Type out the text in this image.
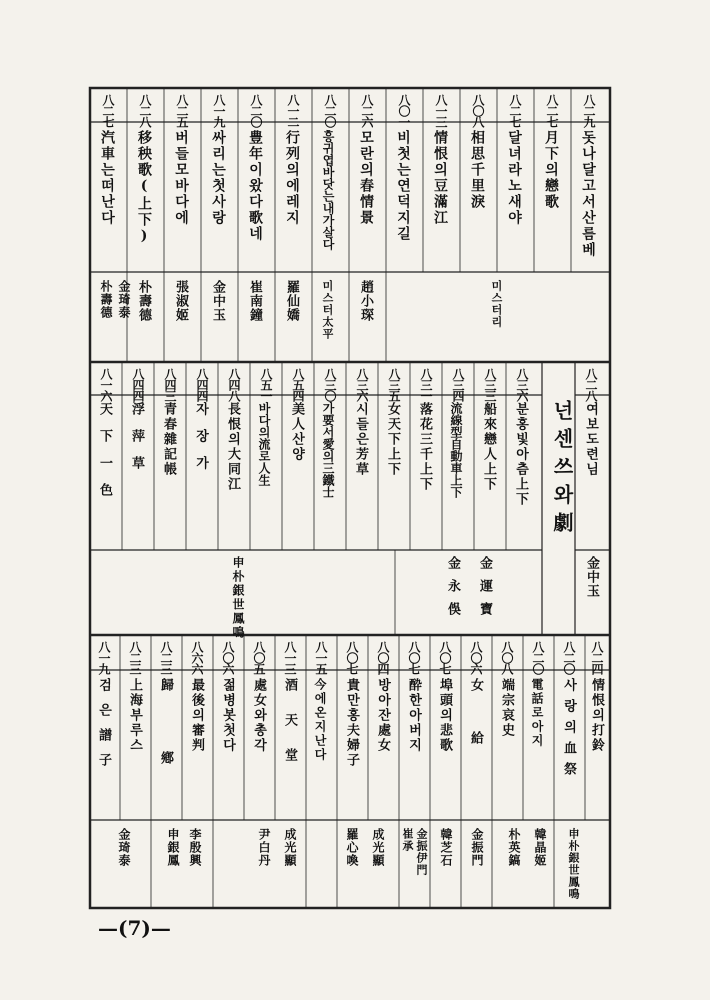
八二九
돗나달고서산름베
八二七
月下의戀歌
八二七
달녀라노새야
八〇八
相思千里淚
八一三
情恨의豆滿江
八〇一
비첫는연덕지길
八二六
모란의春情景
八二〇
흥귀엽바닷는내가살다
八一二
行列의에레지
八二〇
豊年이왔다歌네
八一九
싸리는첫사랑
八二五
버들모바다에
八二八
移秧歌(上下)
八二七
汽車는떠난다
미스터리
趙小琛
미스터太平
羅仙嬌
崔南鐘
金中玉
張淑姬
朴壽德
朴壽德 金琦泰
넌센쓰와劇
八二八
여보도련님
八三六
분홍빛아츰上下
八三三
船來戀人上下
八三四
流線型自動車上下
八三一
落花三千上下
八三五
女天下上下
八三六
시들은芳草
八三〇
가要서愛의三鐵士
八五四
美人산양
八五一
바다의流로人生
八四八
長恨의大同江
八四四
자장가
八四三
青春雜記帳
八四四
浮萍草
八一六
天下一色
金中玉
金運寶
金永俁
申朴銀世鳳鳴
八二四
情恨의打鈴
八二〇
사랑의血祭
八二〇
電話로아지
八〇八
端宗哀史
八〇六
女給
八〇七
埠頭의悲歌
八〇七
酔한아버지
八〇四
방아잔處女
八〇七
貴만홍夫婦子
八一五
今에온지난다
八一三
酒天堂
八〇五
處女와총각
八〇六
젊병봇첫다
八六六
最後의審判
八二三
歸鄕
八二三
上海부루스
八一九
검은譜子
申朴銀世鳳鳴
韓晶姬
朴英鎬
金振門
韓芝石
金振伊門
崔承
成光顯
羅心喚
成光顯
尹白丹
李殷興
申銀鳳
金琦泰
—(7)—
